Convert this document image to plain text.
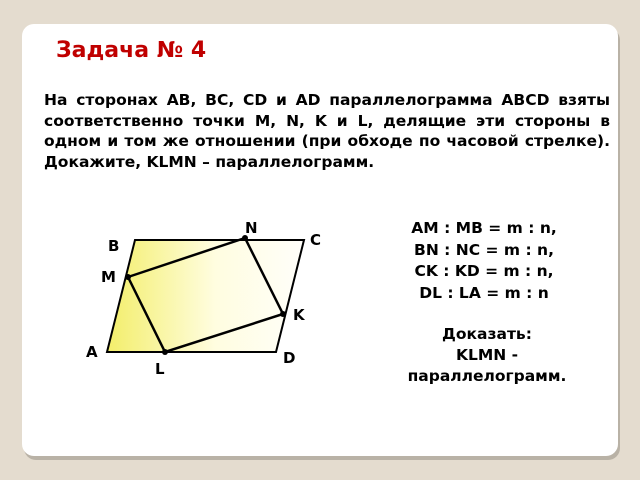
Задача № 4

На сторонах AB, BC, CD и AD параллелограмма ABCD взяты соответственно точки M, N, K и L, делящие эти стороны в одном и том же отношении (при обходе по часовой стрелке). Докажите, KLMN – параллелограмм.

AM : MB = m : n,
BN : NC = m : n,
CK : KD = m : n,
DL : LA = m : n
Доказать:
KLMN -
параллелограмм.
N
C
B
M
K
A	D
L
